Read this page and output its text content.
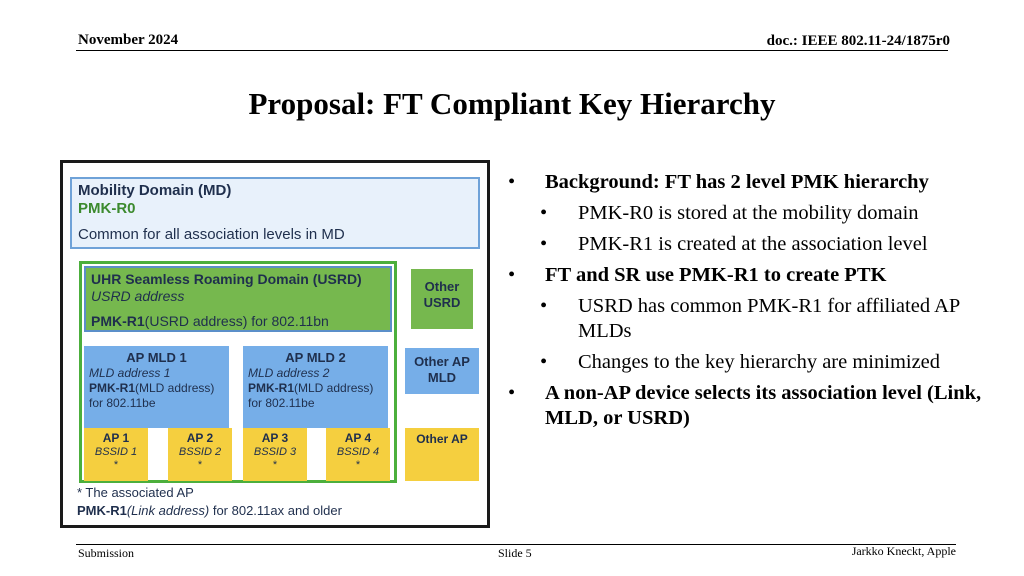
November 2024	doc.: IEEE 802.11-24/1875r0
Proposal: FT Compliant Key Hierarchy
Mobility Domain (MD)
PMK-R0
Common for all association levels in MD
UHR Seamless Roaming Domain (USRD)
USRD address
PMK-R1(USRD address) for 802.11bn
AP MLD 1
MLD address 1
PMK-R1(MLD address)
for 802.11be
AP MLD 2
MLD address 2
PMK-R1(MLD address)
for 802.11be
AP 1
BSSID 1
*
AP 2
BSSID 2
*
AP 3
BSSID 3
*
AP 4
BSSID 4
*
Other
USRD
Other AP
MLD
Other AP
* The associated AP
PMK-R1(Link address) for 802.11ax and older
• Background: FT has 2 level PMK hierarchy
• PMK-R0 is stored at the mobility domain
• PMK-R1 is created at the association level
• FT and SR use PMK-R1 to create PTK
• USRD has common PMK-R1 for affiliated AP MLDs
• Changes to the key hierarchy are minimized
• A non-AP device selects its association level (Link, MLD, or USRD)
Submission	Slide 5	Jarkko Kneckt, Apple
